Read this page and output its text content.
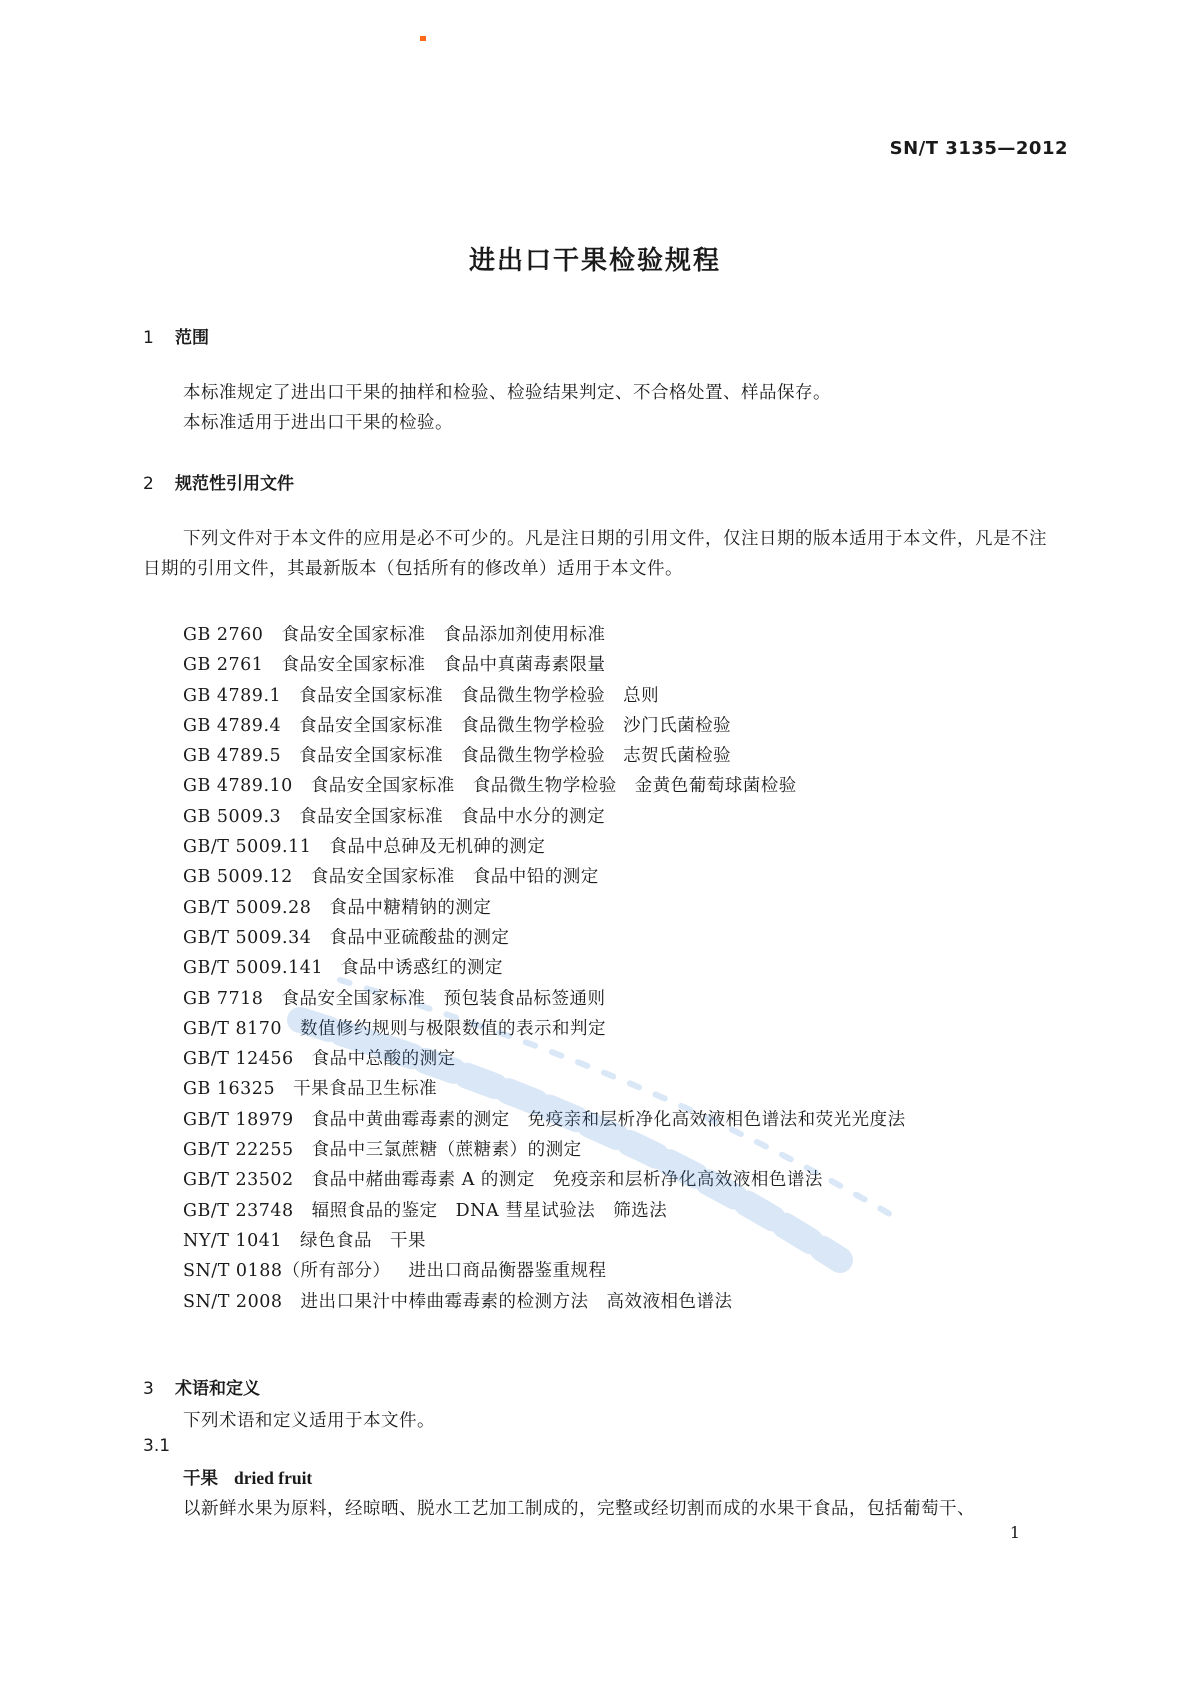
SN/T 3135—2012
进出口干果检验规程
1 范围
本标准规定了进出口干果的抽样和检验、检验结果判定、不合格处置、样品保存。
本标准适用于进出口干果的检验。
2 规范性引用文件
下列文件对于本文件的应用是必不可少的。凡是注日期的引用文件，仅注日期的版本适用于本文件，凡是不注日期的引用文件，其最新版本（包括所有的修改单）适用于本文件。
GB 2760 食品安全国家标准　食品添加剂使用标准
GB 2761 食品安全国家标准　食品中真菌毒素限量
GB 4789.1 食品安全国家标准　食品微生物学检验　总则
GB 4789.4 食品安全国家标准　食品微生物学检验　沙门氏菌检验
GB 4789.5 食品安全国家标准　食品微生物学检验　志贺氏菌检验
GB 4789.10 食品安全国家标准　食品微生物学检验　金黄色葡萄球菌检验
GB 5009.3 食品安全国家标准　食品中水分的测定
GB/T 5009.11 食品中总砷及无机砷的测定
GB 5009.12 食品安全国家标准　食品中铅的测定
GB/T 5009.28 食品中糖精钠的测定
GB/T 5009.34 食品中亚硫酸盐的测定
GB/T 5009.141 食品中诱惑红的测定
GB 7718 食品安全国家标准　预包装食品标签通则
GB/T 8170 数值修约规则与极限数值的表示和判定
GB/T 12456 食品中总酸的测定
GB 16325 干果食品卫生标准
GB/T 18979 食品中黄曲霉毒素的测定　免疫亲和层析净化高效液相色谱法和荧光光度法
GB/T 22255 食品中三氯蔗糖（蔗糖素）的测定
GB/T 23502 食品中赭曲霉毒素 A 的测定　免疫亲和层析净化高效液相色谱法
GB/T 23748 辐照食品的鉴定　DNA 彗星试验法　筛选法
NY/T 1041 绿色食品　干果
SN/T 0188（所有部分） 进出口商品衡器鉴重规程
SN/T 2008 进出口果汁中棒曲霉毒素的检测方法　高效液相色谱法
3 术语和定义
下列术语和定义适用于本文件。
3.1
干果 dried fruit
以新鲜水果为原料，经晾晒、脱水工艺加工制成的，完整或经切割而成的水果干食品，包括葡萄干、
1
